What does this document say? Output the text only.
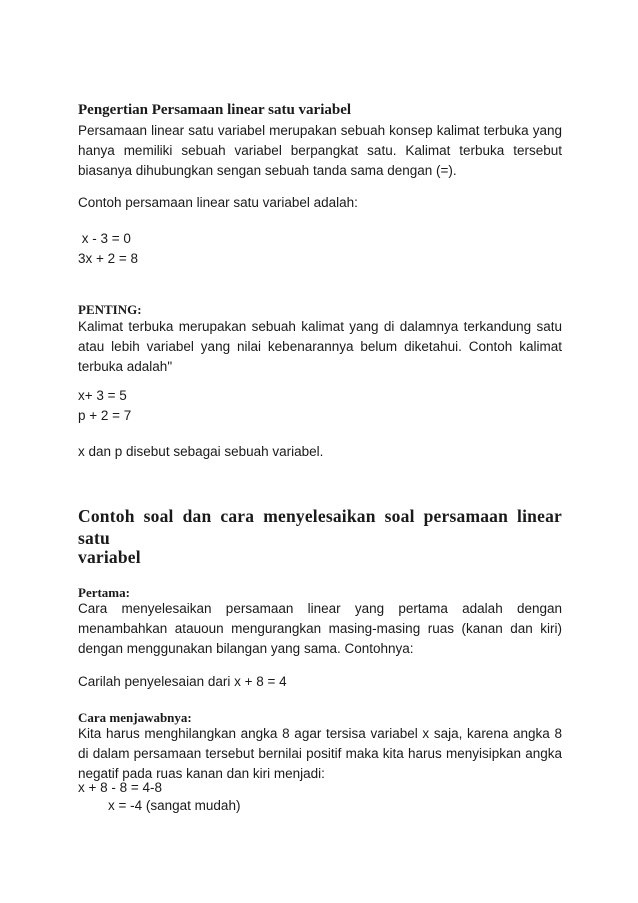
Pengertian Persamaan linear satu variabel

Persamaan linear satu variabel merupakan sebuah konsep kalimat terbuka yang hanya memiliki sebuah variabel berpangkat satu. Kalimat terbuka tersebut biasanya dihubungkan sengan sebuah tanda sama dengan (=).

Contoh persamaan linear satu variabel adalah:

x - 3 = 0

3x + 2 = 8

PENTING:

Kalimat terbuka merupakan sebuah kalimat yang di dalamnya terkandung satu atau lebih variabel yang nilai kebenarannya belum diketahui. Contoh kalimat terbuka adalah"

x+ 3 = 5

p + 2 = 7

x dan p disebut sebagai sebuah variabel.

Contoh soal dan cara menyelesaikan soal persamaan linear satu
variabel
Pertama:

Cara menyelesaikan persamaan linear yang pertama adalah dengan menambahkan atauoun mengurangkan masing-masing ruas (kanan dan kiri) dengan menggunakan bilangan yang sama. Contohnya:

Carilah penyelesaian dari x + 8 = 4

Cara menjawabnya:

Kita harus menghilangkan angka 8 agar tersisa variabel x saja, karena angka 8 di dalam persamaan tersebut bernilai positif maka kita harus menyisipkan angka negatif pada ruas kanan dan kiri menjadi:

x + 8 - 8 = 4-8

x = -4 (sangat mudah)
